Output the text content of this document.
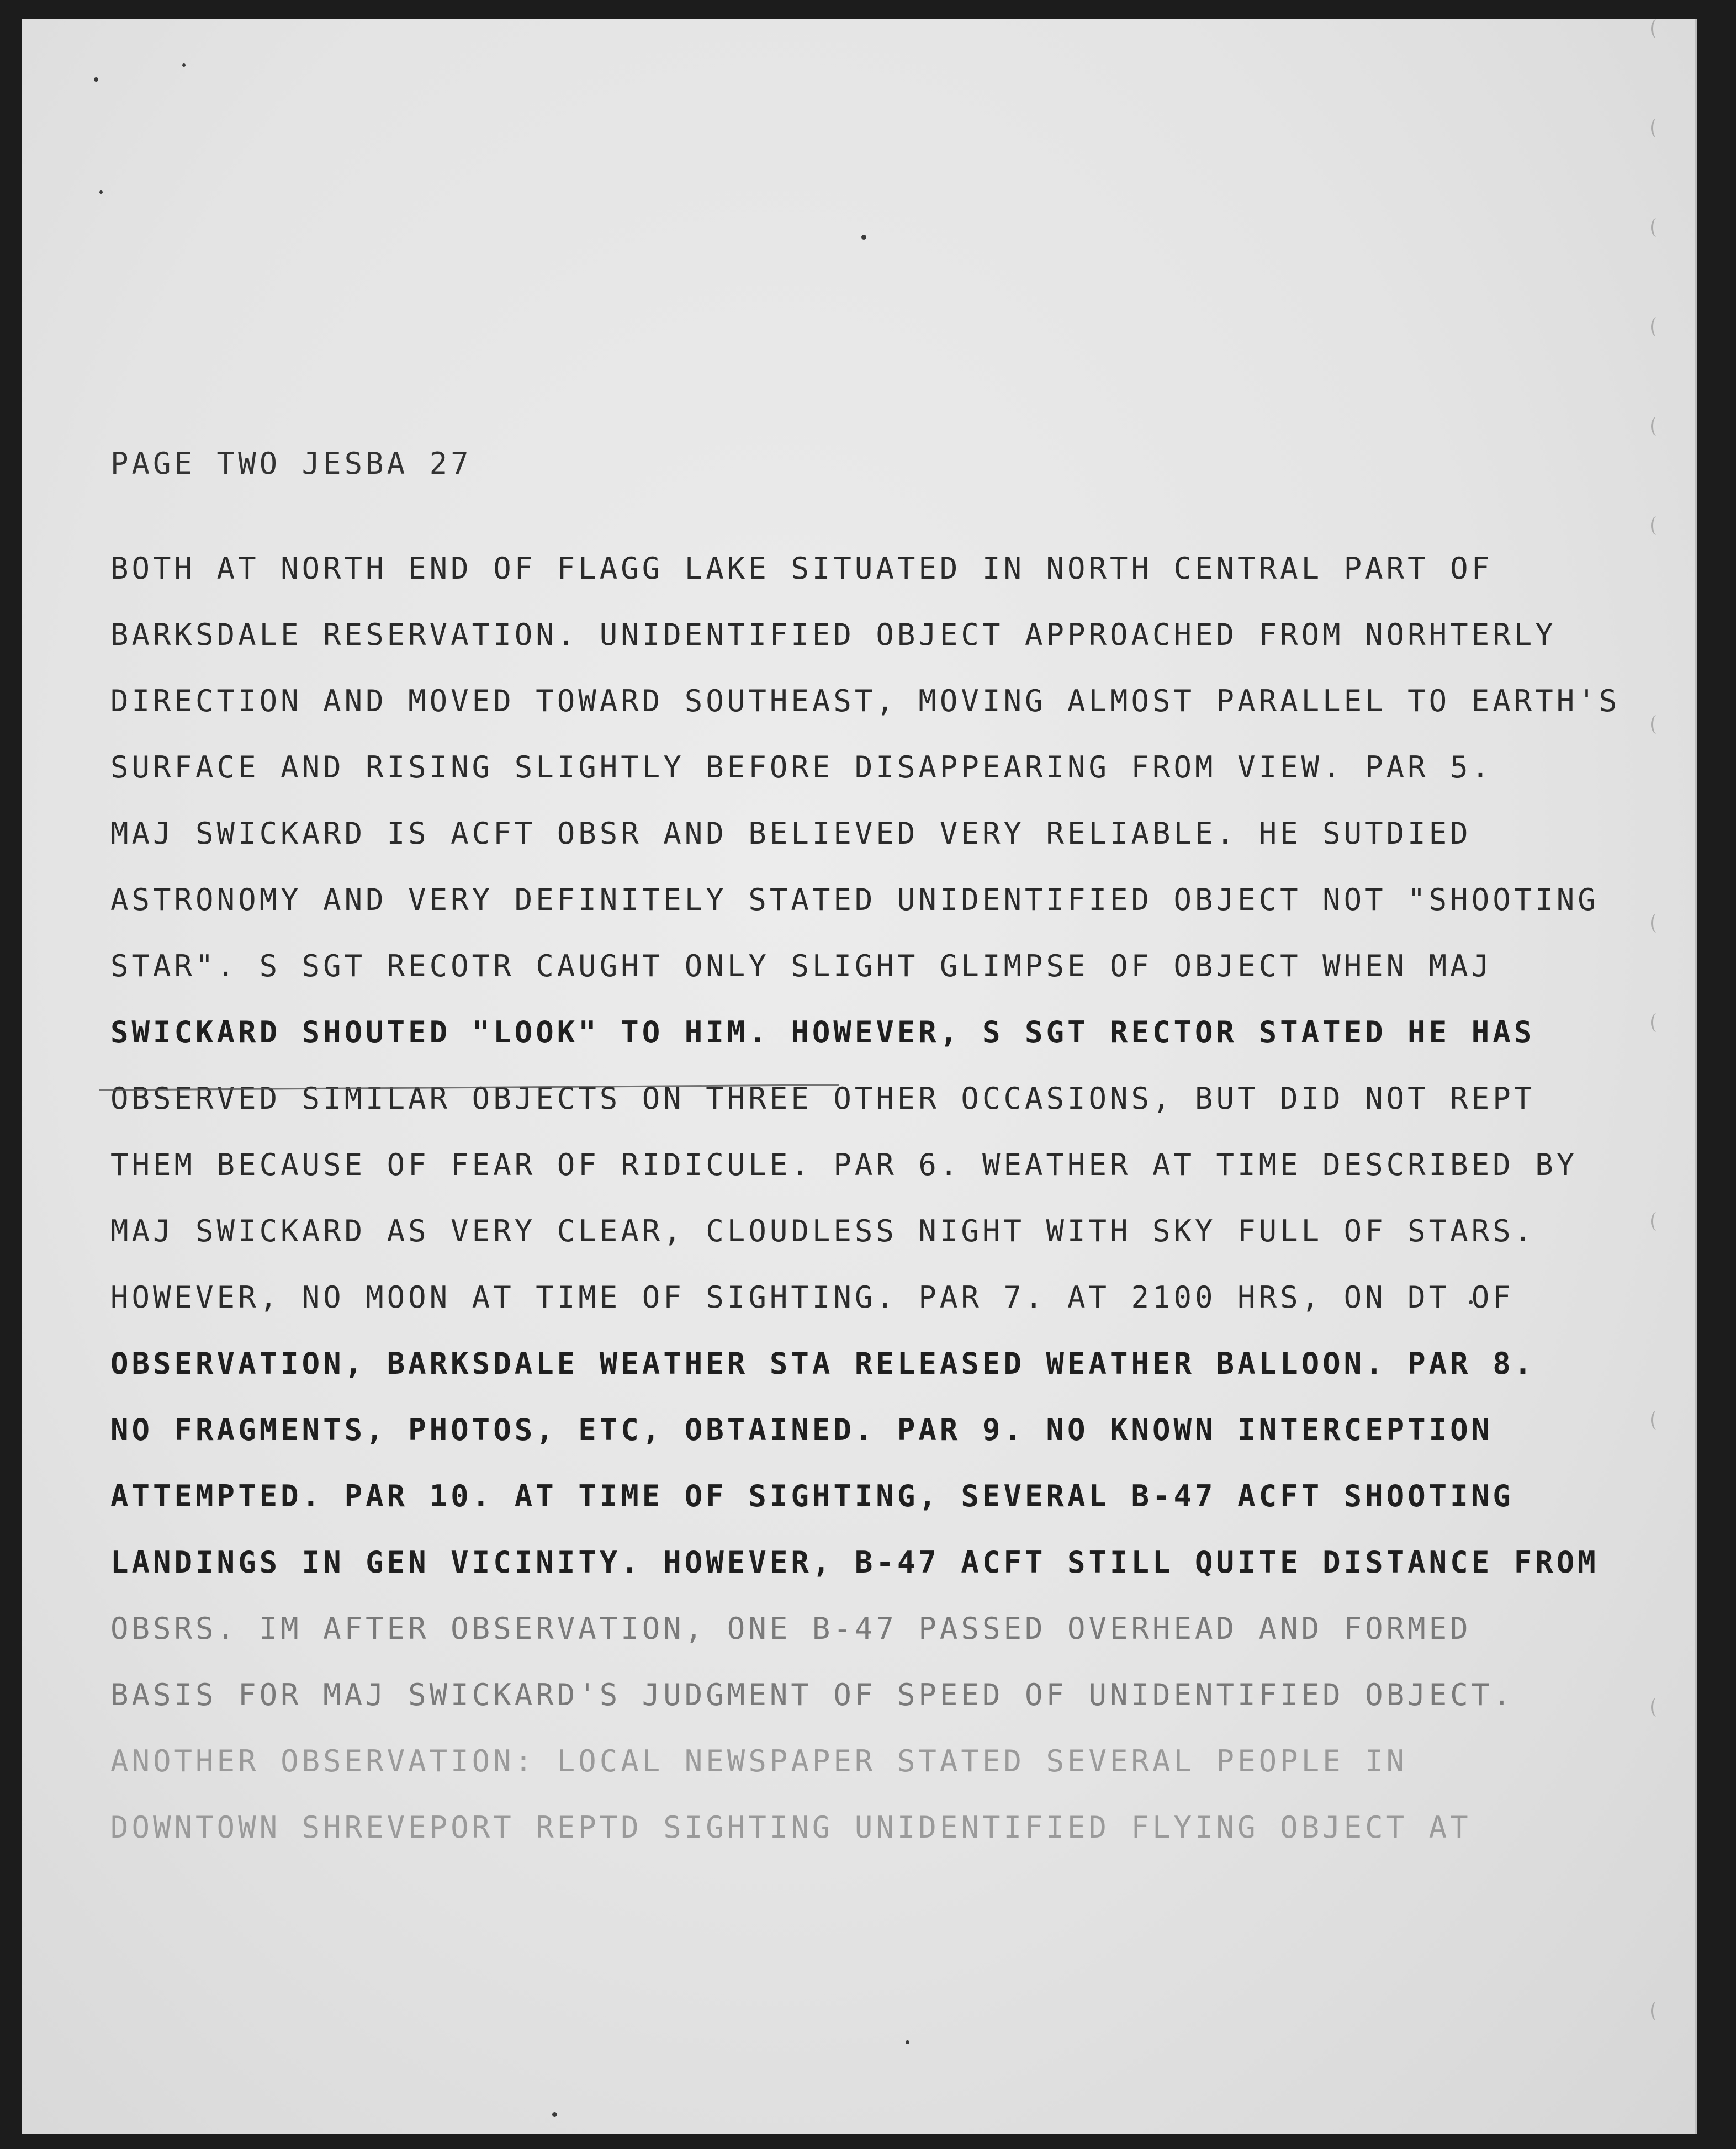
PAGE TWO JESBA 27
BOTH AT NORTH END OF FLAGG LAKE SITUATED IN NORTH CENTRAL PART OF
BARKSDALE RESERVATION. UNIDENTIFIED OBJECT APPROACHED FROM NORHTERLY
DIRECTION AND MOVED TOWARD SOUTHEAST, MOVING ALMOST PARALLEL TO EARTH'S
SURFACE AND RISING SLIGHTLY BEFORE DISAPPEARING FROM VIEW. PAR 5.
MAJ SWICKARD IS ACFT OBSR AND BELIEVED VERY RELIABLE. HE SUTDIED
ASTRONOMY AND VERY DEFINITELY STATED UNIDENTIFIED OBJECT NOT "SHOOTING
STAR". S SGT RECOTR CAUGHT ONLY SLIGHT GLIMPSE OF OBJECT WHEN MAJ
SWICKARD SHOUTED "LOOK" TO HIM. HOWEVER, S SGT RECTOR STATED HE HAS
OBSERVED SIMILAR OBJECTS ON THREE OTHER OCCASIONS, BUT DID NOT REPT
THEM BECAUSE OF FEAR OF RIDICULE. PAR 6. WEATHER AT TIME DESCRIBED BY
MAJ SWICKARD AS VERY CLEAR, CLOUDLESS NIGHT WITH SKY FULL OF STARS.
HOWEVER, NO MOON AT TIME OF SIGHTING. PAR 7. AT 2100 HRS, ON DT OF
OBSERVATION, BARKSDALE WEATHER STA RELEASED WEATHER BALLOON. PAR 8.
NO FRAGMENTS, PHOTOS, ETC, OBTAINED. PAR 9. NO KNOWN INTERCEPTION
ATTEMPTED. PAR 10. AT TIME OF SIGHTING, SEVERAL B-47 ACFT SHOOTING
LANDINGS IN GEN VICINITY. HOWEVER, B-47 ACFT STILL QUITE DISTANCE FROM
OBSRS. IM AFTER OBSERVATION, ONE B-47 PASSED OVERHEAD AND FORMED
BASIS FOR MAJ SWICKARD'S JUDGMENT OF SPEED OF UNIDENTIFIED OBJECT.
ANOTHER OBSERVATION: LOCAL NEWSPAPER STATED SEVERAL PEOPLE IN
DOWNTOWN SHREVEPORT REPTD SIGHTING UNIDENTIFIED FLYING OBJECT AT
